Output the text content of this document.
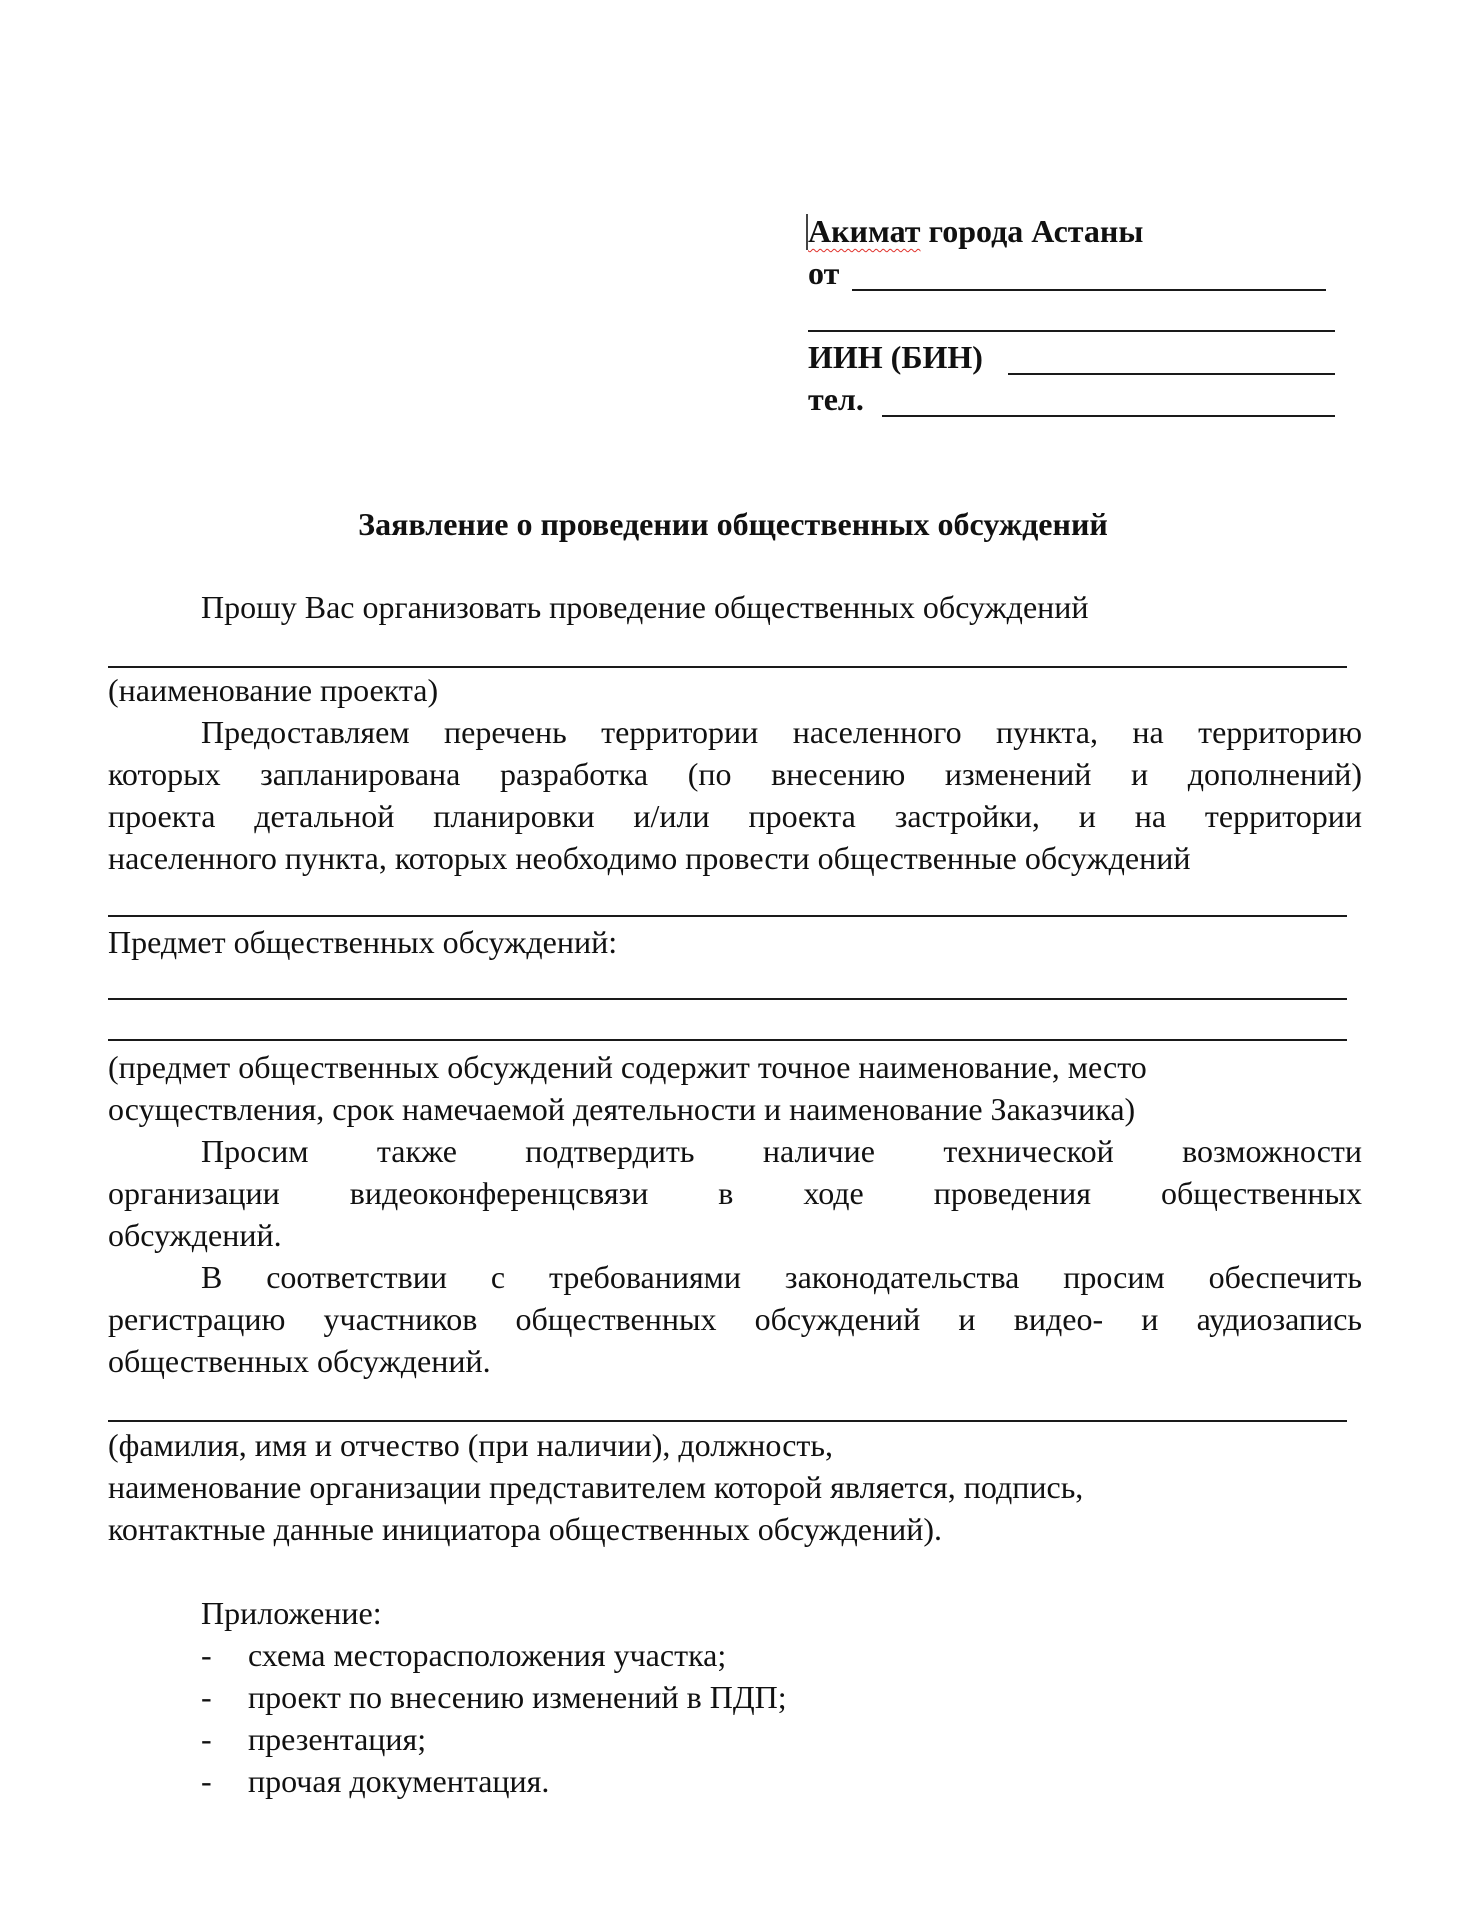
Акимат города Астаны
от
ИИН (БИН)
тел.
Заявление о проведении общественных обсуждений
Прошу Вас организовать проведение общественных обсуждений
(наименование проекта)
Предоставляем перечень территории населенного пункта, на территорию
которых запланирована разработка (по внесению изменений и дополнений)
проекта детальной планировки и/или проекта застройки, и на территории
населенного пункта, которых необходимо провести общественные обсуждений
Предмет общественных обсуждений:
(предмет общественных обсуждений содержит точное наименование, место
осуществления, срок намечаемой деятельности и наименование Заказчика)
Просим также подтвердить наличие технической возможности
организации видеоконференцсвязи в ходе проведения общественных
обсуждений.
В соответствии с требованиями законодательства просим обеспечить
регистрацию участников общественных обсуждений и видео- и аудиозапись
общественных обсуждений.
(фамилия, имя и отчество (при наличии), должность,
наименование организации представителем которой является, подпись,
контактные данные инициатора общественных обсуждений).
Приложение:
- схема месторасположения участка;
- проект по внесению изменений в ПДП;
- презентация;
- прочая документация.
